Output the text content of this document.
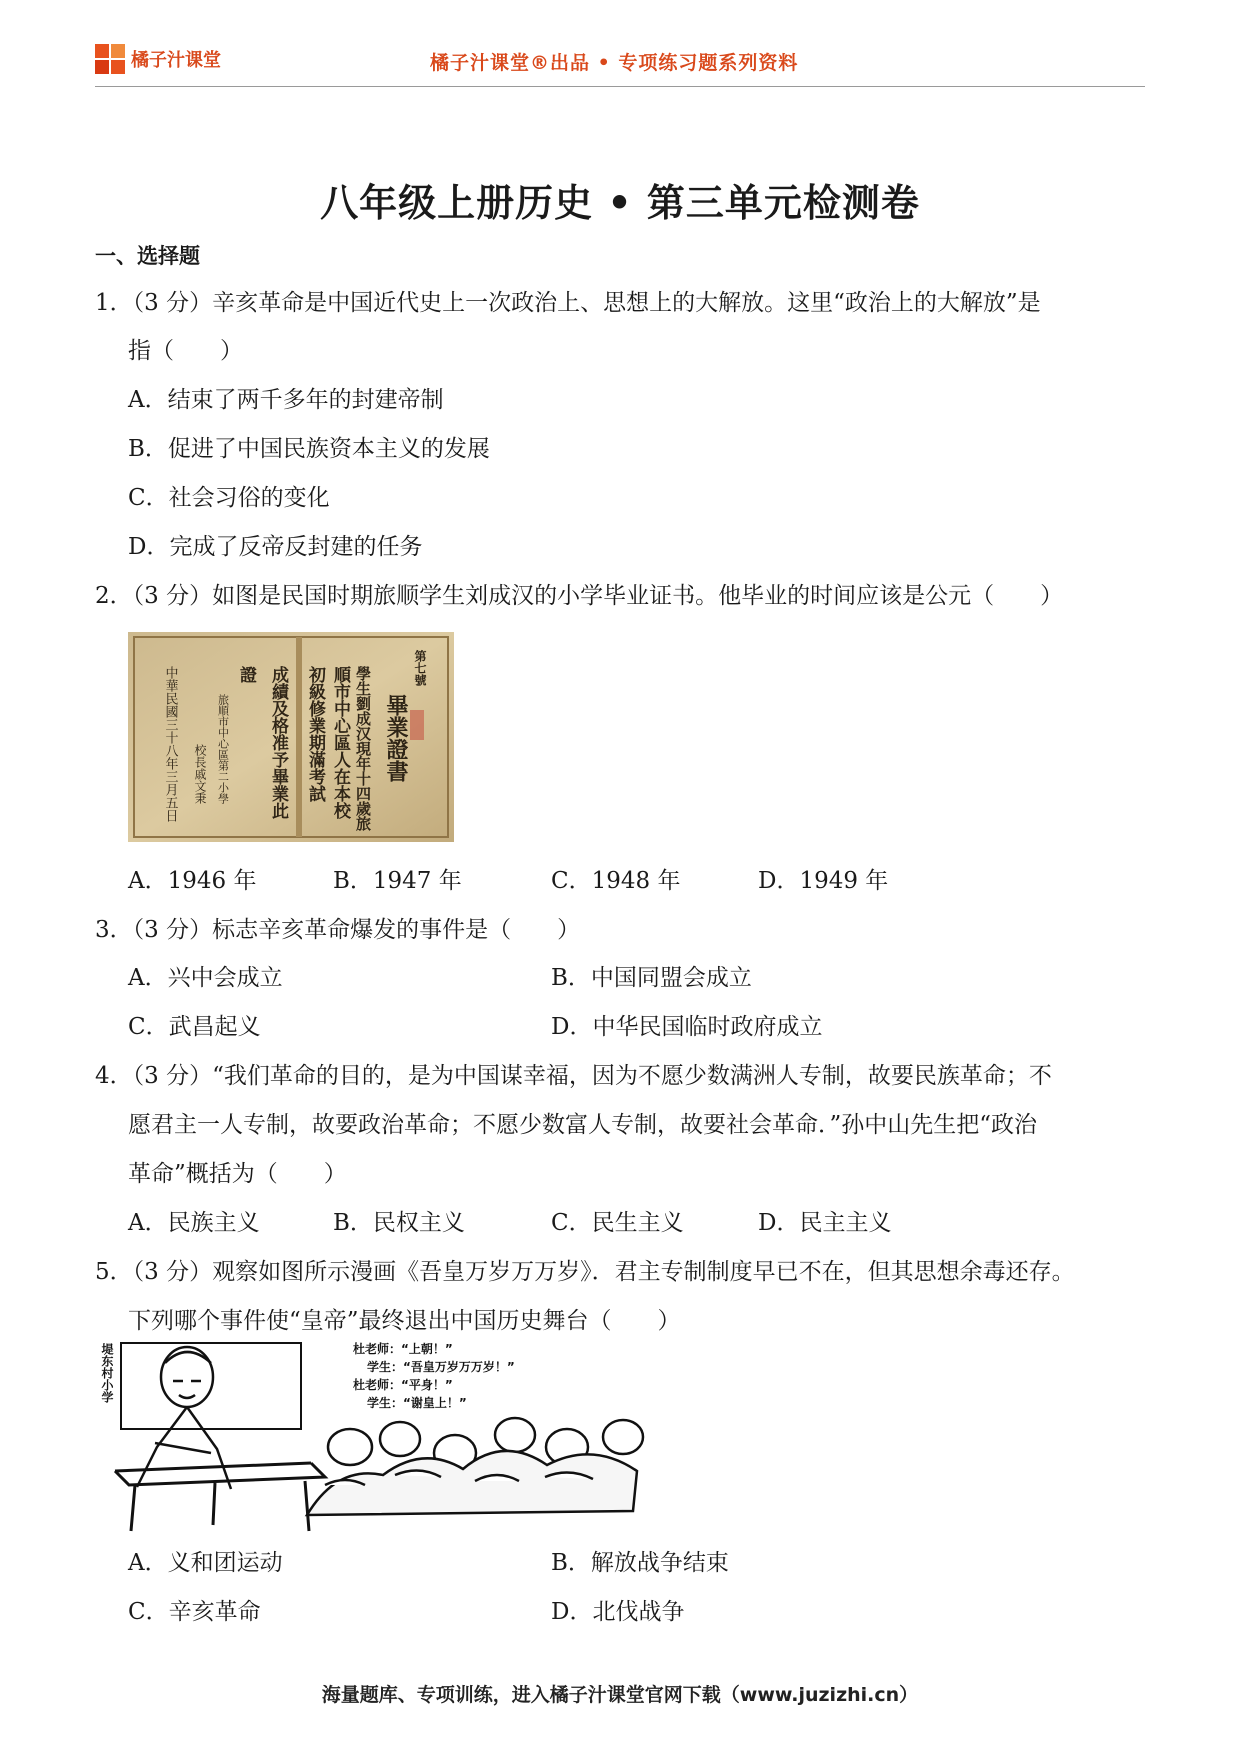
橘子汁课堂	橘子汁课堂®出品 • 专项练习题系列资料
八年级上册历史 • 第三单元检测卷
一、选择题
1．（3 分）辛亥革命是中国近代史上一次政治上、思想上的大解放。这里“政治上的大解放”是
指（　　）
A．结束了两千多年的封建帝制
B．促进了中国民族资本主义的发展
C．社会习俗的变化
D．完成了反帝反封建的任务
2．（3 分）如图是民国时期旅顺学生刘成汉的小学毕业证书。他毕业的时间应该是公元（　　）
第七號
畢業證書
學生劉成汉現年十四歲旅
順市中心區人在本校
初級修業期滿考試
成績及格准予畢業此
證
旅順市中心區第二小學
校長戚文秉
中華民國三十八年三月五日
A．1946 年	B．1947 年	C．1948 年	D．1949 年
3．（3 分）标志辛亥革命爆发的事件是（　　）
A．兴中会成立	B．中国同盟会成立
C．武昌起义	D．中华民国临时政府成立
4．（3 分）“我们革命的目的，是为中国谋幸福，因为不愿少数满洲人专制，故要民族革命；不
愿君主一人专制，故要政治革命；不愿少数富人专制，故要社会革命．”孙中山先生把“政治
革命”概括为（　　）
A．民族主义	B．民权主义	C．民生主义	D．民主主义
5．（3 分）观察如图所示漫画《吾皇万岁万万岁》．君主专制制度早已不在，但其思想余毒还存。
下列哪个事件使“皇帝”最终退出中国历史舞台（　　）
堤东村小学	杜老师：“上朝！”
学生：“吾皇万岁万万岁！”
杜老师：“平身！”
学生：“谢皇上！”
A．义和团运动	B．解放战争结束
C．辛亥革命	D．北伐战争
海量题库、专项训练，进入橘子汁课堂官网下载（www.juzizhi.cn）
